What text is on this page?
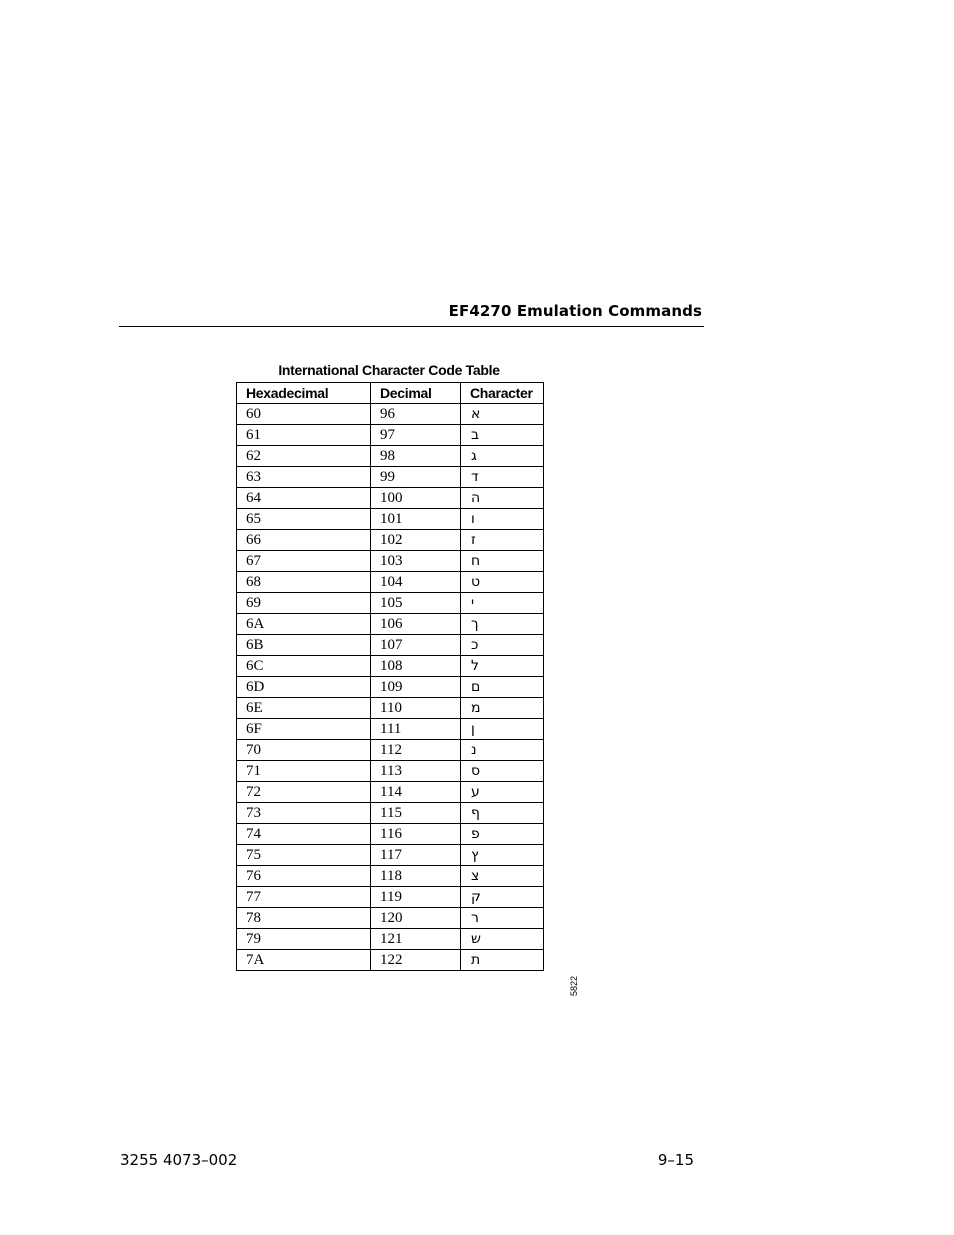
EF4270 Emulation Commands
International Character Code Table
Hexadecimal	Decimal	Character
60	96	א
61	97	ב
62	98	ג
63	99	ד
64	100	ה
65	101	ו
66	102	ז
67	103	ח
68	104	ט
69	105	י
6A	106	ך
6B	107	כ
6C	108	ל
6D	109	ם
6E	110	מ
6F	111	ן
70	112	נ
71	113	ס
72	114	ע
73	115	ף
74	116	פ
75	117	ץ
76	118	צ
77	119	ק
78	120	ר
79	121	ש
7A	122	ת
5822
3255 4073–002	9–15
